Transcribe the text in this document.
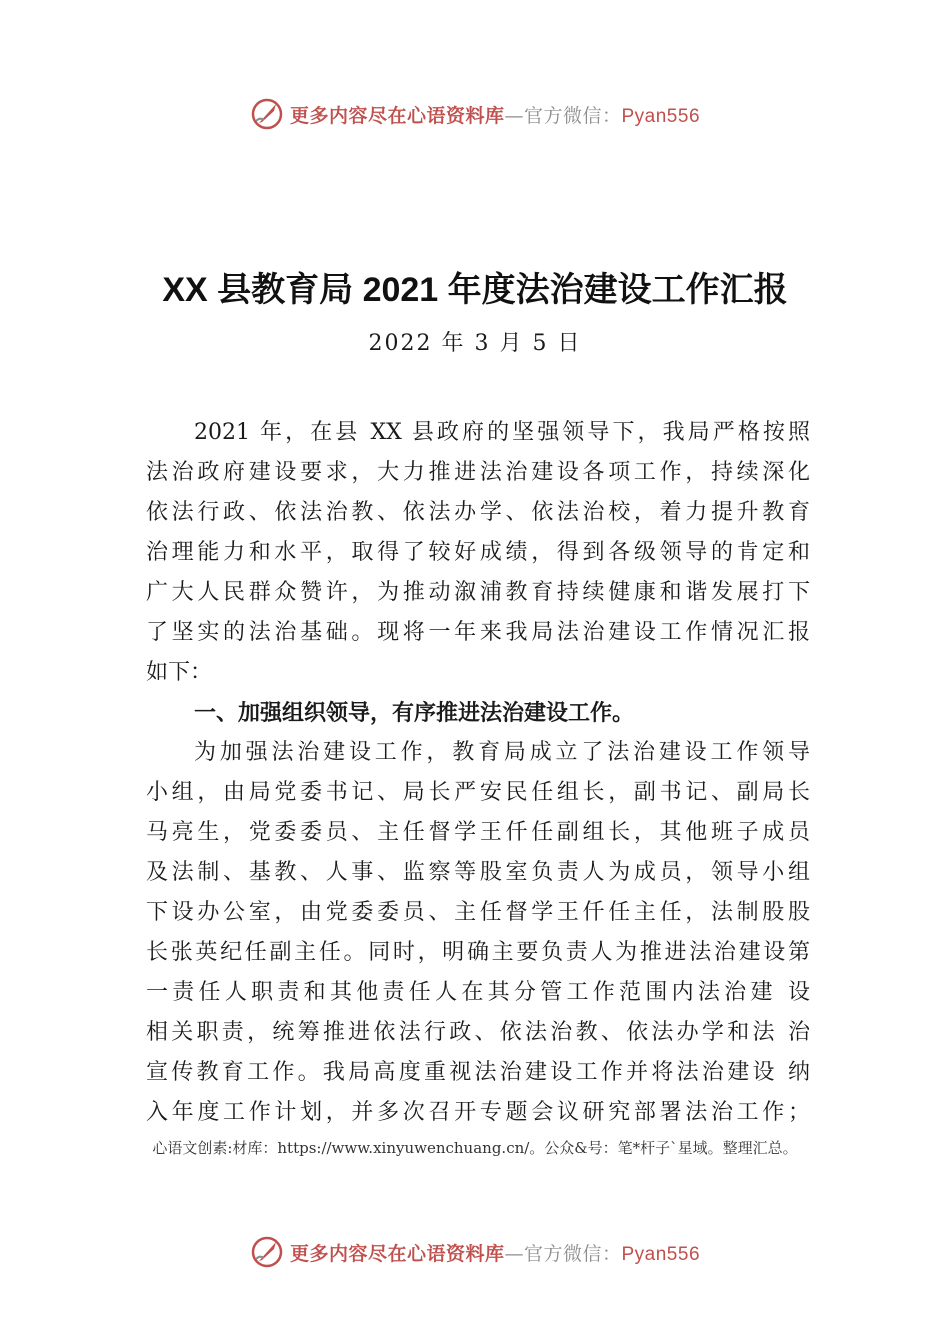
更多内容尽在心语资料库—官方微信：Pyan556
XX 县教育局 2021 年度法治建设工作汇报

2022 年 3 月 5 日

2021 年，在县 XX 县政府的坚强领导下，我局严格按照
法治政府建设要求，大力推进法治建设各项工作，持续深化
依法行政、依法治教、依法办学、依法治校，着力提升教育
治理能力和水平，取得了较好成绩，得到各级领导的肯定和
广大人民群众赞许，为推动溆浦教育持续健康和谐发展打下
了坚实的法治基础。现将一年来我局法治建设工作情况汇报
如下：
一、加强组织领导，有序推进法治建设工作。
为加强法治建设工作，教育局成立了法治建设工作领导
小组，由局党委书记、局长严安民任组长，副书记、副局长
马亮生，党委委员、主任督学王仟任副组长，其他班子成员
及法制、基教、人事、监察等股室负责人为成员，领导小组
下设办公室，由党委委员、主任督学王仟任主任，法制股股
长张英纪任副主任。同时，明确主要负责人为推进法治建设第
一责任人职责和其他责任人在其分管工作范围内法治建 设
相关职责，统筹推进依法行政、依法治教、依法办学和法 治
宣传教育工作。我局高度重视法治建设工作并将法治建设 纳
入年度工作计划，并多次召开专题会议研究部署法治工作；
心语文创素:材库：https://www.xinyuwenchuang.cn/。公众&号：笔*杆子`星域。整理汇总。
更多内容尽在心语资料库—官方微信：Pyan556
